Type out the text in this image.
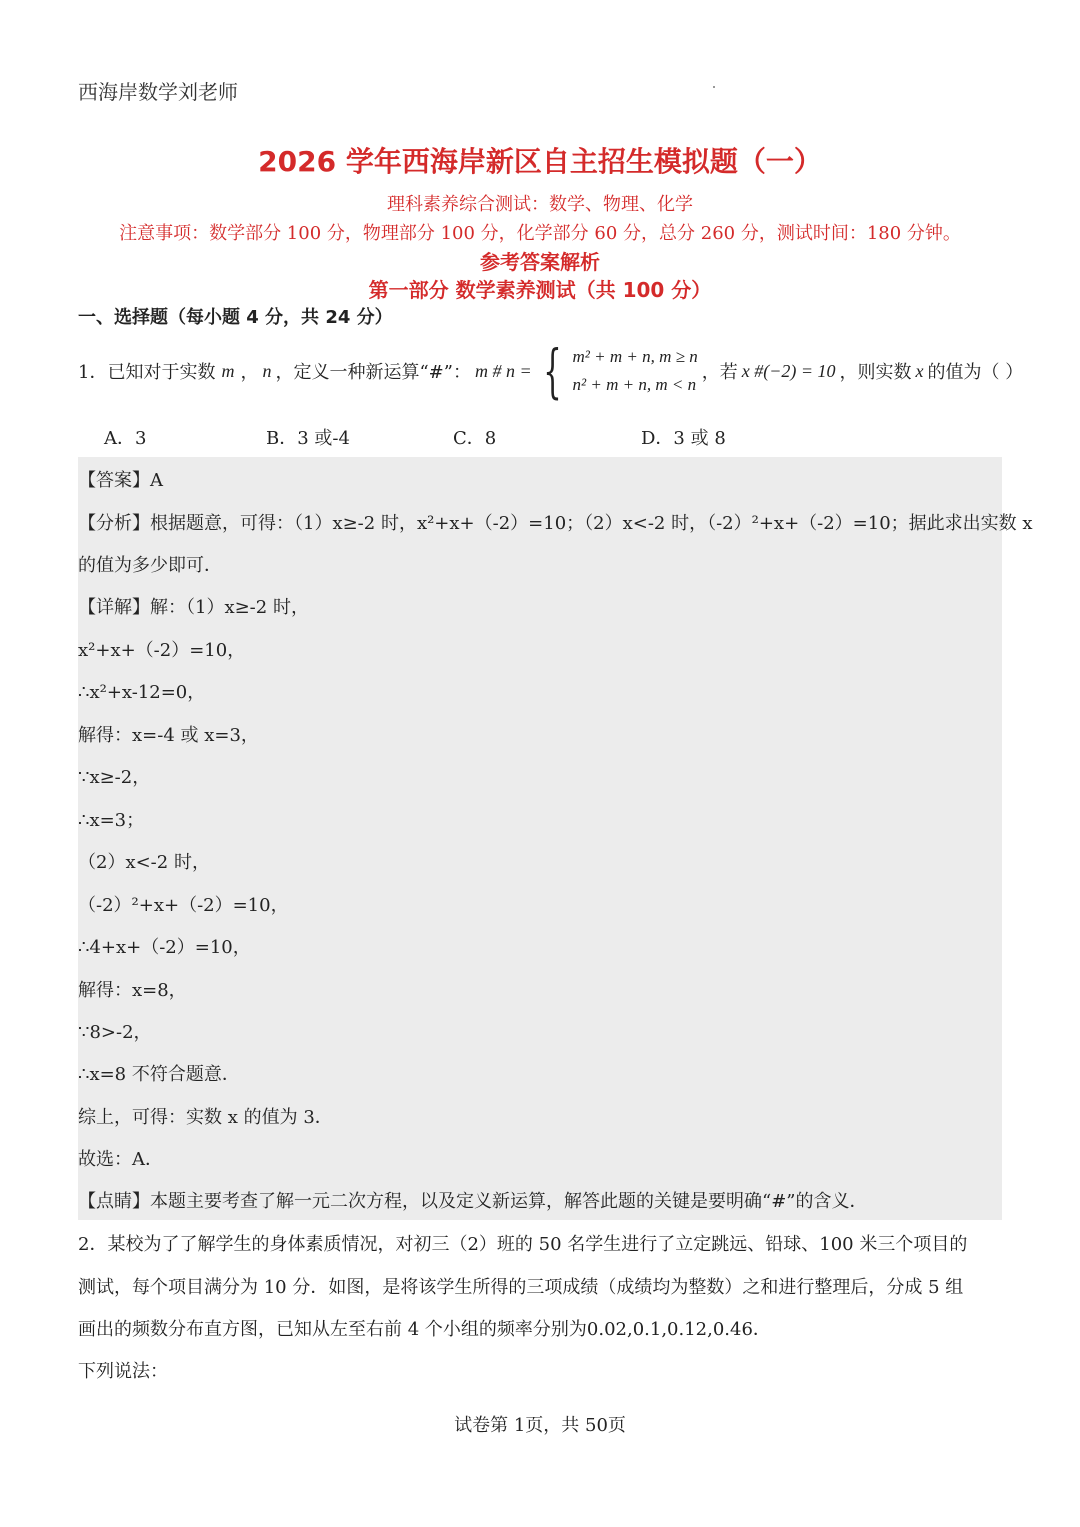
西海岸数学刘老师
2026 学年西海岸新区自主招生模拟题（一）
理科素养综合测试：数学、物理、化学
注意事项：数学部分 100 分，物理部分 100 分，化学部分 60 分，总分 260 分，测试时间：180 分钟。
参考答案解析
第一部分 数学素养测试（共 100 分）
一、选择题（每小题 4 分，共 24 分）
1．已知对于实数 m ， n ，定义一种新运算“#”： m # n = { m² + m + n, m ≥ n
n² + m + n, m < n
，若 x #(−2) = 10 ，则实数 x 的值为（ ）
A．3	B．3 或-4	C．8	D．3 或 8
【答案】A
【分析】根据题意，可得：（1）x≥-2 时，x²+x+（-2）=10；（2）x<-2 时，（-2）²+x+（-2）=10；据此求出实数 x
的值为多少即可．
【详解】解：（1）x≥-2 时，
x²+x+（-2）=10，
∴x²+x-12=0，
解得：x=-4 或 x=3，
∵x≥-2，
∴x=3；
（2）x<-2 时，
（-2）²+x+（-2）=10，
∴4+x+（-2）=10，
解得：x=8，
∵8>-2，
∴x=8 不符合题意．
综上，可得：实数 x 的值为 3．
故选：A．
【点睛】本题主要考查了解一元二次方程，以及定义新运算，解答此题的关键是要明确“#”的含义．
2．某校为了了解学生的身体素质情况，对初三（2）班的 50 名学生进行了立定跳远、铅球、100 米三个项目的
测试，每个项目满分为 10 分．如图，是将该学生所得的三项成绩（成绩均为整数）之和进行整理后，分成 5 组
画出的频数分布直方图，已知从左至右前 4 个小组的频率分别为0.02,0.1,0.12,0.46．
下列说法：
试卷第 1页，共 50页
